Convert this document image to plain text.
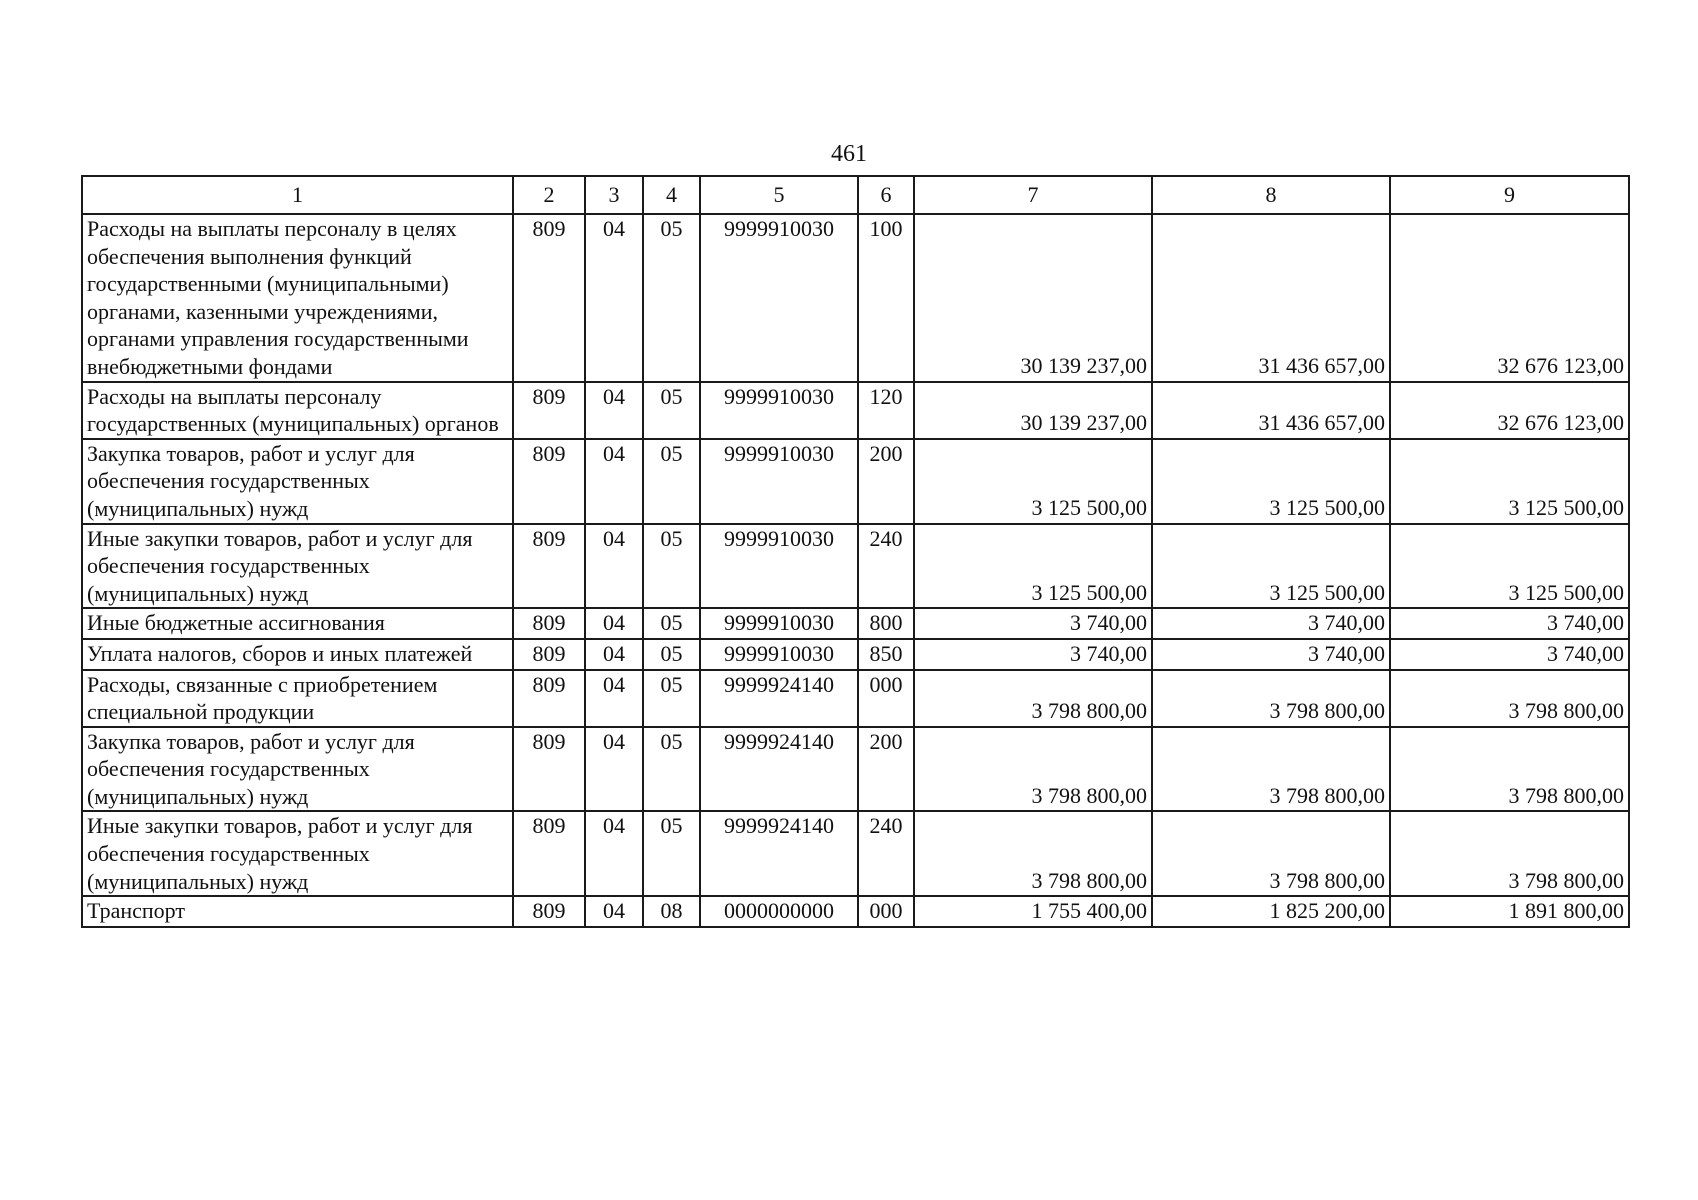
461
1	2	3	4	5	6	7	8	9
Расходы на выплаты персоналу в целях обеспечения выполнения функций государственными (муниципальными) органами, казенными учреждениями, органами управления государственными внебюджетными фондами	809	04	05	9999910030	100	30 139 237,00	31 436 657,00	32 676 123,00
Расходы на выплаты персоналу государственных (муниципальных) органов	809	04	05	9999910030	120	30 139 237,00	31 436 657,00	32 676 123,00
Закупка товаров, работ и услуг для обеспечения государственных (муниципальных) нужд	809	04	05	9999910030	200	3 125 500,00	3 125 500,00	3 125 500,00
Иные закупки товаров, работ и услуг для обеспечения государственных (муниципальных) нужд	809	04	05	9999910030	240	3 125 500,00	3 125 500,00	3 125 500,00
Иные бюджетные ассигнования	809	04	05	9999910030	800	3 740,00	3 740,00	3 740,00
Уплата налогов, сборов и иных платежей	809	04	05	9999910030	850	3 740,00	3 740,00	3 740,00
Расходы, связанные с приобретением специальной продукции	809	04	05	9999924140	000	3 798 800,00	3 798 800,00	3 798 800,00
Закупка товаров, работ и услуг для обеспечения государственных (муниципальных) нужд	809	04	05	9999924140	200	3 798 800,00	3 798 800,00	3 798 800,00
Иные закупки товаров, работ и услуг для обеспечения государственных (муниципальных) нужд	809	04	05	9999924140	240	3 798 800,00	3 798 800,00	3 798 800,00
Транспорт	809	04	08	0000000000	000	1 755 400,00	1 825 200,00	1 891 800,00
